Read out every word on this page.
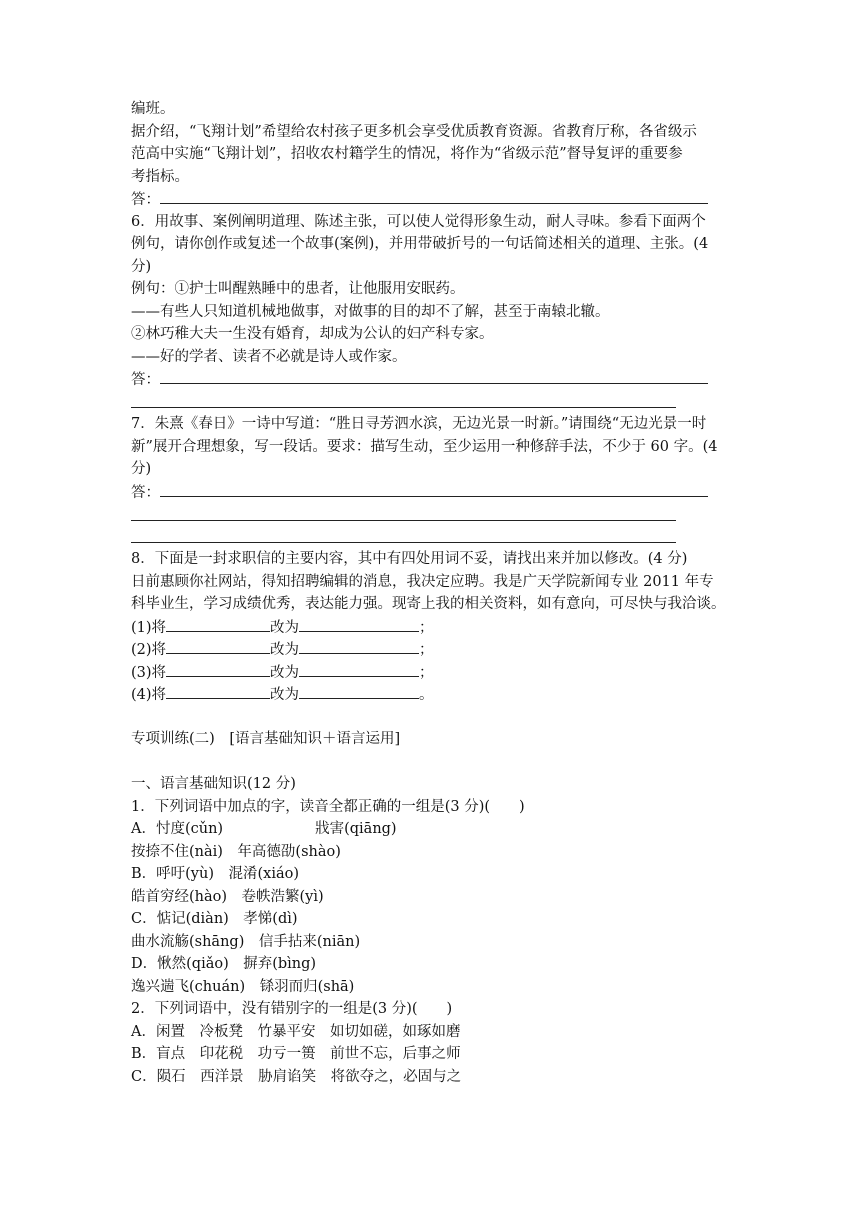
编班。
据介绍，“飞翔计划”希望给农村孩子更多机会享受优质教育资源。省教育厅称，各省级示
范高中实施“飞翔计划”，招收农村籍学生的情况，将作为“省级示范”督导复评的重要参
考指标。
答：
6．用故事、案例阐明道理、陈述主张，可以使人觉得形象生动，耐人寻味。参看下面两个
例句，请你创作或复述一个故事(案例)，并用带破折号的一句话简述相关的道理、主张。(4
分)
例句：①护士叫醒熟睡中的患者，让他服用安眠药。
——有些人只知道机械地做事，对做事的目的却不了解，甚至于南辕北辙。
②林巧稚大夫一生没有婚育，却成为公认的妇产科专家。
——好的学者、读者不必就是诗人或作家。
答：
7．朱熹《春日》一诗中写道：“胜日寻芳泗水滨，无边光景一时新。”请围绕“无边光景一时
新”展开合理想象，写一段话。要求：描写生动，至少运用一种修辞手法，不少于 60 字。(4
分)
答：
8．下面是一封求职信的主要内容，其中有四处用词不妥，请找出来并加以修改。(4 分)
日前惠顾你社网站，得知招聘编辑的消息，我决定应聘。我是广天学院新闻专业 2011 年专
科毕业生，学习成绩优秀，表达能力强。现寄上我的相关资料，如有意向，可尽快与我洽谈。
(1)将	改为	；
(2)将	改为	；
(3)将	改为	；
(4)将	改为	。
专项训练(二)　[语言基础知识＋语言运用]
一、语言基础知识(12 分)
1．下列词语中加点的字，读音全都正确的一组是(3 分)(　　)
A．忖度(cǔn)	戕害(qiāng)
按捺不住(nài)　年高德劭(shào)
B．呼吁(yù)　混淆(xiáo)
皓首穷经(hào)　卷帙浩繁(yì)
C．惦记(diàn)　孝悌(dì)
曲水流觞(shāng)　信手拈来(niān)
D．愀然(qiǎo)　摒弃(bìng)
逸兴遄飞(chuán)　铩羽而归(shā)
2．下列词语中，没有错别字的一组是(3 分)(　　)
A．闲置　冷板凳　竹暴平安　如切如磋，如琢如磨
B．盲点　印花税　功亏一篑　前世不忘，后事之师
C．陨石　西洋景　胁肩谄笑　将欲夺之，必固与之
